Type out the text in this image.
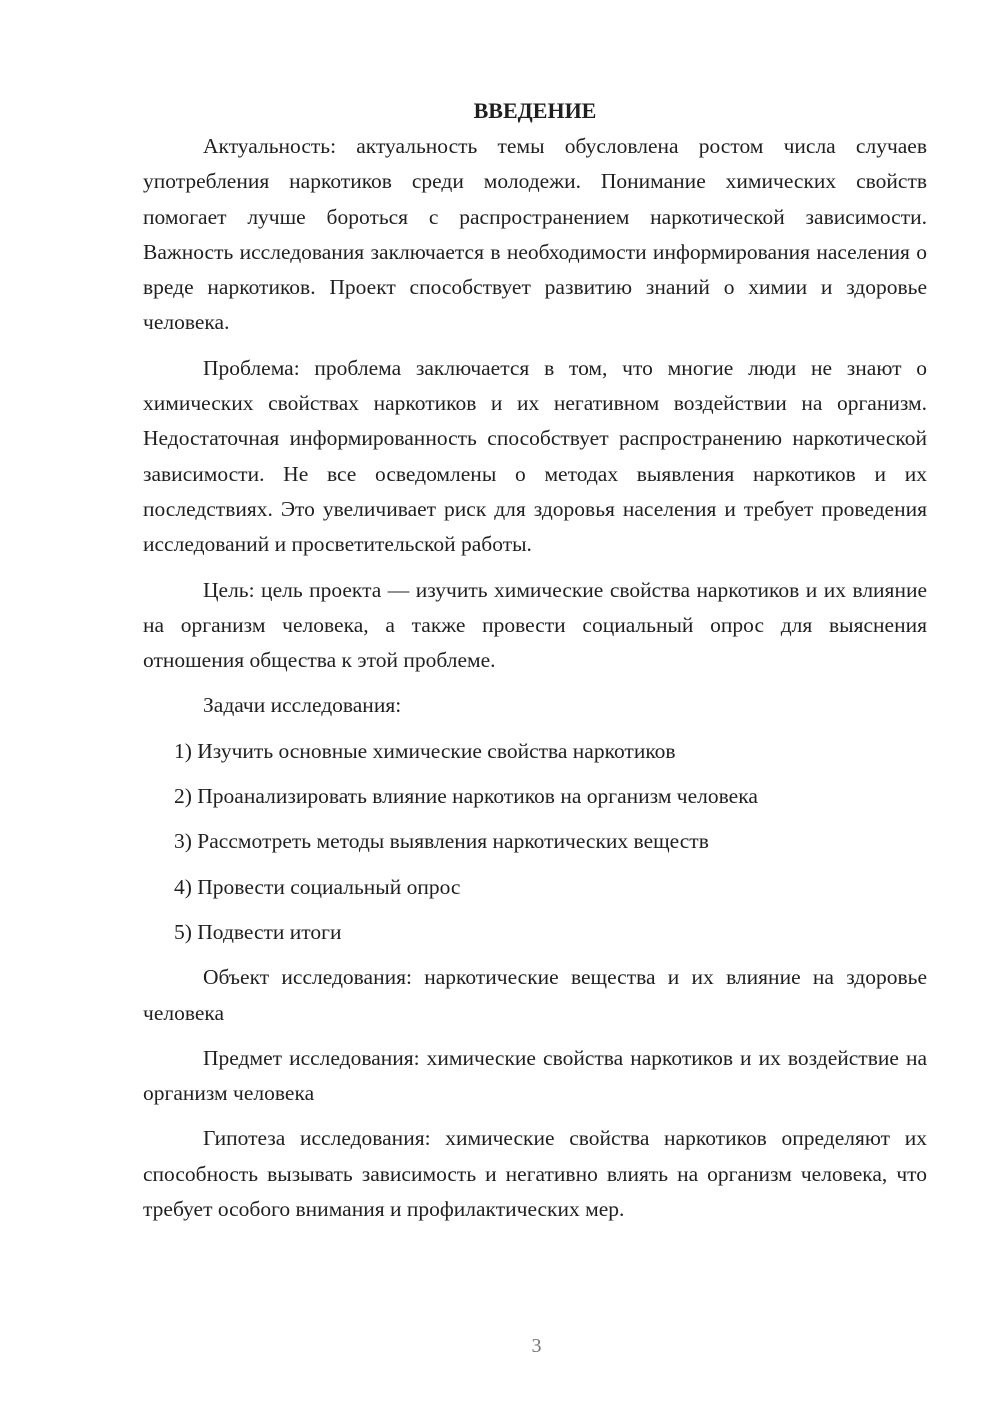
ВВЕДЕНИЕ

Актуальность: актуальность темы обусловлена ростом числа случаев употребления наркотиков среди молодежи. Понимание химических свойств помогает лучше бороться с распространением наркотической зависимости. Важность исследования заключается в необходимости информирования населения о вреде наркотиков. Проект способствует развитию знаний о химии и здоровье человека.

Проблема: проблема заключается в том, что многие люди не знают о химических свойствах наркотиков и их негативном воздействии на организм. Недостаточная информированность способствует распространению наркотической зависимости. Не все осведомлены о методах выявления наркотиков и их последствиях. Это увеличивает риск для здоровья населения и требует проведения исследований и просветительской работы.

Цель: цель проекта — изучить химические свойства наркотиков и их влияние на организм человека, а также провести социальный опрос для выяснения отношения общества к этой проблеме.

Задачи исследования:
1) Изучить основные химические свойства наркотиков
2) Проанализировать влияние наркотиков на организм человека
3) Рассмотреть методы выявления наркотических веществ
4) Провести социальный опрос
5) Подвести итоги

Объект исследования: наркотические вещества и их влияние на здоровье человека

Предмет исследования: химические свойства наркотиков и их воздействие на организм человека

Гипотеза исследования: химические свойства наркотиков определяют их способность вызывать зависимость и негативно влиять на организм человека, что требует особого внимания и профилактических мер.

3
